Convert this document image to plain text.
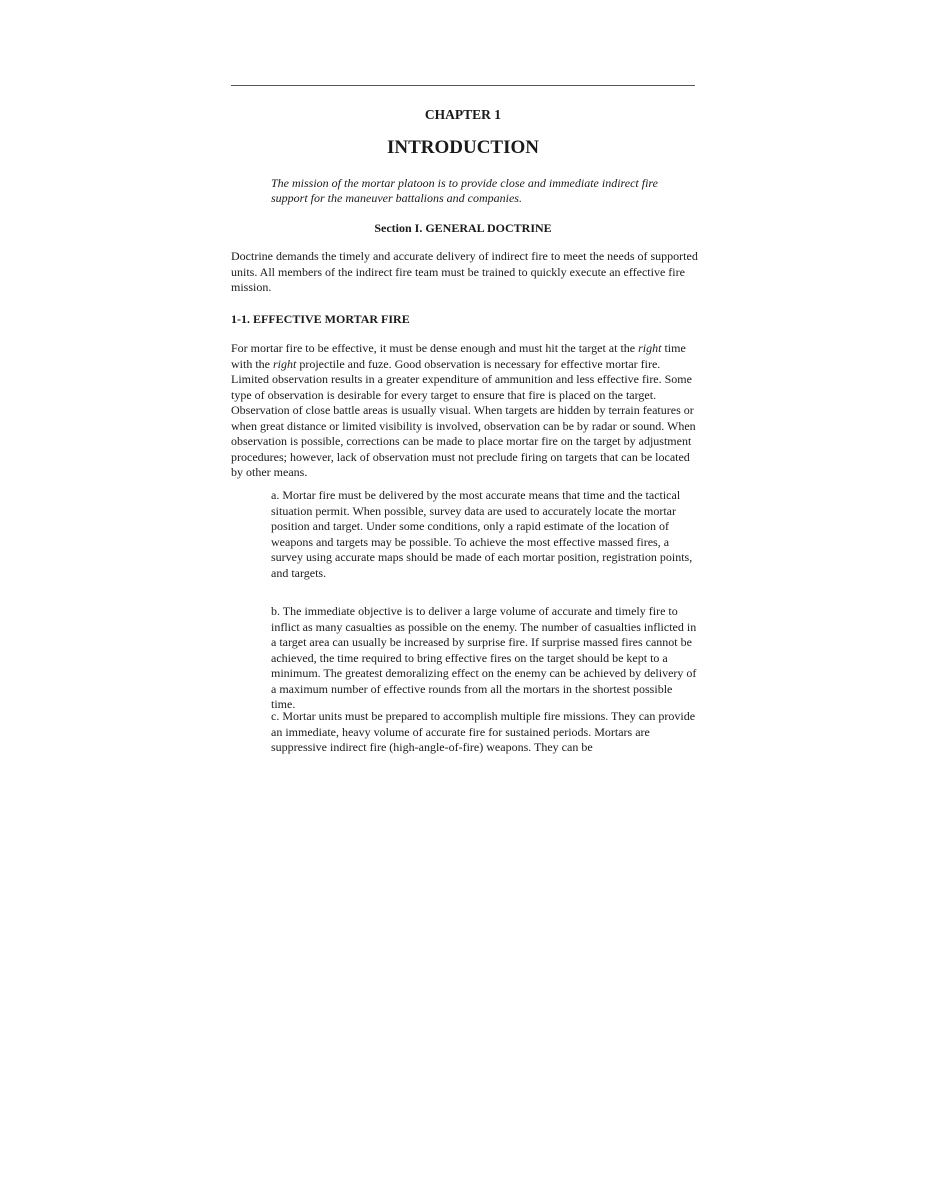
CHAPTER 1
INTRODUCTION
The mission of the mortar platoon is to provide close and immediate indirect fire support for the maneuver battalions and companies.
Section I. GENERAL DOCTRINE

Doctrine demands the timely and accurate delivery of indirect fire to meet the needs of supported units. All members of the indirect fire team must be trained to quickly execute an effective fire mission.

1-1. EFFECTIVE MORTAR FIRE

For mortar fire to be effective, it must be dense enough and must hit the target at the right time with the right projectile and fuze. Good observation is necessary for effective mortar fire. Limited observation results in a greater expenditure of ammunition and less effective fire. Some type of observation is desirable for every target to ensure that fire is placed on the target. Observation of close battle areas is usually visual. When targets are hidden by terrain features or when great distance or limited visibility is involved, observation can be by radar or sound. When observation is possible, corrections can be made to place mortar fire on the target by adjustment procedures; however, lack of observation must not preclude firing on targets that can be located by other means.

a. Mortar fire must be delivered by the most accurate means that time and the tactical situation permit. When possible, survey data are used to accurately locate the mortar position and target. Under some conditions, only a rapid estimate of the location of weapons and targets may be possible. To achieve the most effective massed fires, a survey using accurate maps should be made of each mortar position, registration points, and targets.

b. The immediate objective is to deliver a large volume of accurate and timely fire to inflict as many casualties as possible on the enemy. The number of casualties inflicted in a target area can usually be increased by surprise fire. If surprise massed fires cannot be achieved, the time required to bring effective fires on the target should be kept to a minimum. The greatest demoralizing effect on the enemy can be achieved by delivery of a maximum number of effective rounds from all the mortars in the shortest possible time.

c. Mortar units must be prepared to accomplish multiple fire missions. They can provide an immediate, heavy volume of accurate fire for sustained periods. Mortars are suppressive indirect fire (high-angle-of-fire) weapons. They can be
